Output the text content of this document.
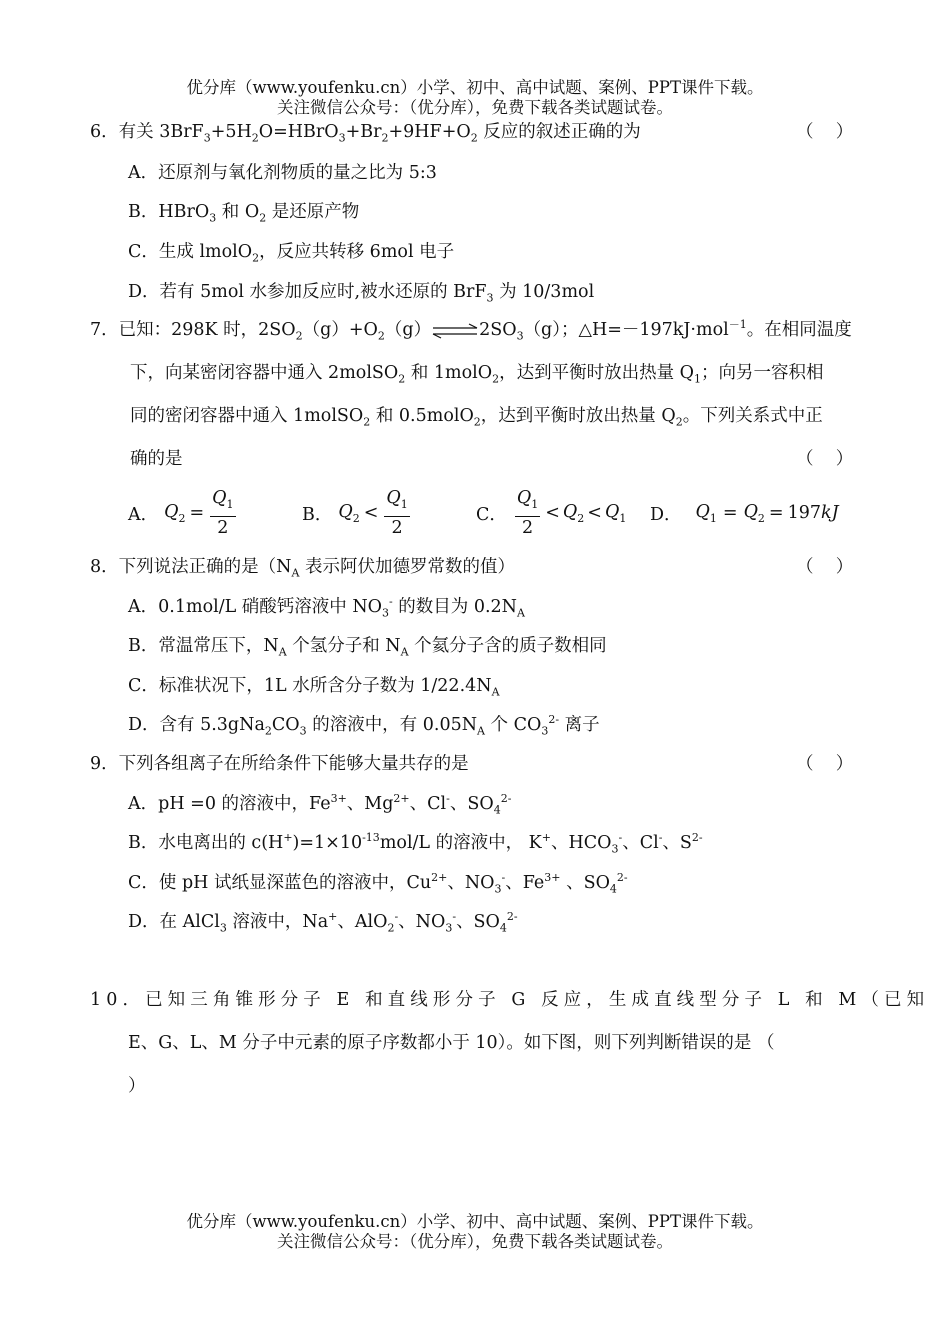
优分库（www.youfenku.cn）小学、初中、高中试题、案例、PPT课件下载。
关注微信公众号：（优分库），免费下载各类试题试卷。
6．有关 $3BrF_3+5H_2O=HBrO_3+Br_2+9HF+O_2$ 反应的叙述正确的为	（    ）
A．还原剂与氧化剂物质的量之比为 5:3
B．HBrO$_3$ 和 $O_2$ 是还原产物
C．生成 lmolO$_2$，反应共转移 6mol 电子
D．若有 5mol 水参加反应时,被水还原的 BrF$_3$ 为 10/3mol
7．已知：298K 时，$2SO_2(g)+O_2(g)\rightleftharpoons 2SO_3(g)$；△H=－197kJ·mol$^{-1}$。在相同温度
下，向某密闭容器中通入 2molSO$_2$ 和 1molO$_2$，达到平衡时放出热量 $Q_1$；向另一容积相
同的密闭容器中通入 1molSO$_2$ 和 0.5molO$_2$，达到平衡时放出热量 $Q_2$。下列关系式中正
确的是	（    ）
A． $Q_2 = \frac{Q_1}{2}$	B． $Q_2 < \frac{Q_1}{2}$	C． $\frac{Q_1}{2} < Q_2 < Q_1$ D． $Q_1 = Q_2 = 197kJ$
8．下列说法正确的是（$N_A$ 表示阿伏加德罗常数的值）	（    ）
A．0.1mol/L 硝酸钙溶液中 $NO_3^-$ 的数目为 $0.2N_A$
B．常温常压下，$N_A$ 个氢分子和 $N_A$ 个氦分子含的质子数相同
C．标准状况下，1L 水所含分子数为 $1/22.4N_A$
D．含有 $5.3gNa_2CO_3$ 的溶液中，有 $0.05N_A$ 个 $CO_3^{2-}$ 离子
9．下列各组离子在所给条件下能够大量共存的是	（    ）
A．pH =0 的溶液中，$Fe^{3+}$、$Mg^{2+}$、Cl-、$SO_4^{2-}$
B．水电离出的 $c(H^+)=1\times 10^{-13}mol/L$ 的溶液中， K+、$HCO_3^-$、Cl-、$S^{2-}$
C．使 pH 试纸显深蓝色的溶液中，$Cu^{2+}$、$NO_3^-$、$Fe^{3+}$ 、$SO_4^{2-}$
D．在 AlCl$_3$ 溶液中，Na+、AlO$_2$-、$NO_3^-$、$SO_4^{2-}$
10．已知三角锥形分子 E 和直线形分子 G 反应，生成直线型分子 L 和 M（已知
E、G、L、M 分子中元素的原子序数都小于 10）。如下图，则下列判断错误的是 （
）
优分库（www.youfenku.cn）小学、初中、高中试题、案例、PPT课件下载。
关注微信公众号：（优分库），免费下载各类试题试卷。
